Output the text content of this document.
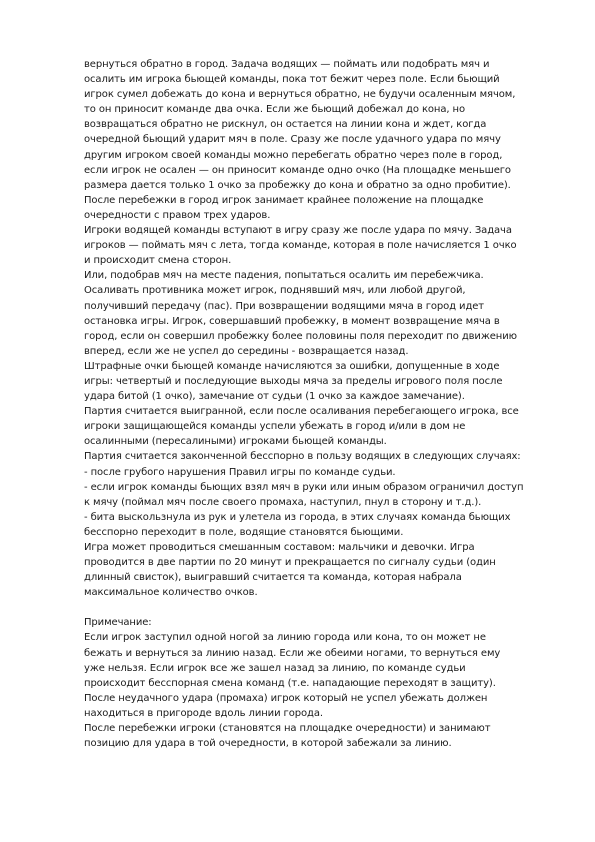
вернуться обратно в город. Задача водящих — поймать или подобрать мяч и осалить им игрока бьющей команды, пока тот бежит через поле. Если бьющий игрок сумел добежать до кона и вернуться обратно, не будучи осаленным мячом, то он приносит команде два очка. Если же бьющий добежал до кона, но возвращаться обратно не рискнул, он остается на линии кона и ждет, когда очередной бьющий ударит мяч в поле. Сразу же после удачного удара по мячу другим игроком своей команды можно перебегать обратно через поле в город, если игрок не осален — он приносит команде одно очко (На площадке меньшего размера дается только 1 очко за пробежку до кона и обратно за одно пробитие). После перебежки в город игрок занимает крайнее положение на площадке очередности с правом трех ударов.

Игроки водящей команды вступают в игру сразу же после удара по мячу. Задача игроков — поймать мяч с лета, тогда команде, которая в поле начисляется 1 очко и происходит смена сторон.

Или, подобрав мяч на месте падения, попытаться осалить им перебежчика. Осаливать противника может игрок, поднявший мяч, или любой другой, получивший передачу (пас). При возвращении водящими мяча в город идет остановка игры. Игрок, совершавший пробежку, в момент возвращение мяча в город, если он совершил пробежку более половины поля переходит по движению вперед, если же не успел до середины - возвращается назад.

Штрафные очки бьющей команде начисляются за ошибки, допущенные в ходе игры: четвертый и последующие выходы мяча за пределы игрового поля после удара битой (1 очко), замечание от судьи (1 очко за каждое замечание).

Партия считается выигранной, если после осаливания перебегающего игрока, все игроки защищающейся команды успели убежать в город и/или в дом не осалинными (пересалиными) игроками бьющей команды.

Партия считается законченной бесспорно в пользу водящих в следующих случаях:

- после грубого нарушения Правил игры по команде судьи.

- если игрок команды бьющих взял мяч в руки или иным образом ограничил доступ к мячу (поймал мяч после своего промаха, наступил, пнул в сторону и т.д.).

- бита выскользнула из рук и улетела из города, в этих случаях команда бьющих бесспорно переходит в поле, водящие становятся бьющими.

Игра может проводиться смешанным составом: мальчики и девочки. Игра проводится в две партии по 20 минут и прекращается по сигналу судьи (один длинный свисток), выигравший считается та команда, которая набрала максимальное количество очков.

Примечание:

Если игрок заступил одной ногой за линию города или кона, то он может не бежать и вернуться за линию назад. Если же обеими ногами, то вернуться ему уже нельзя. Если игрок все же зашел назад за линию, по команде судьи происходит бесспорная смена команд (т.е. нападающие переходят в защиту).

После неудачного удара (промаха) игрок который не успел убежать должен находиться в пригороде вдоль линии города.

После перебежки игроки (становятся на площадке очередности) и занимают позицию для удара в той очередности, в которой забежали за линию.
